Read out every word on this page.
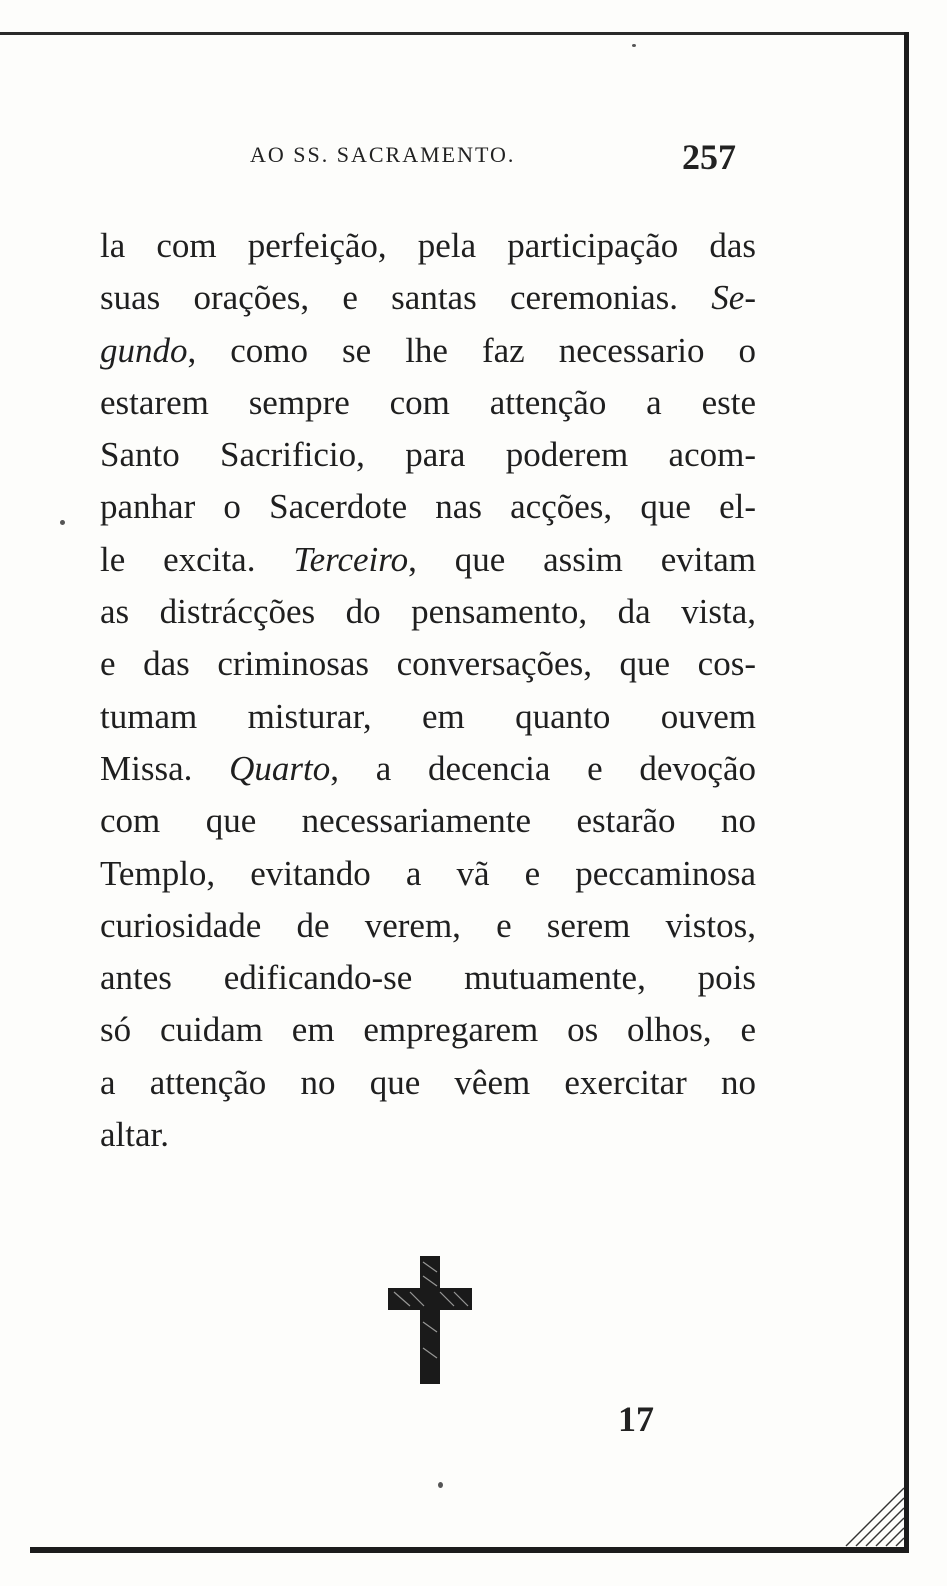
AO SS. SACRAMENTO.	257
la com perfeição, pela participação das
suas orações, e santas ceremonias. Se-
gundo, como se lhe faz necessario o
estarem sempre com attenção a este
Santo Sacrificio, para poderem acom-
panhar o Sacerdote nas acções, que el-
le excita. Terceiro, que assim evitam
as distrácções do pensamento, da vista,
e das criminosas conversações, que cos-
tumam misturar, em quanto ouvem
Missa. Quarto, a decencia e devoção
com que necessariamente estarão no
Templo, evitando a vã e peccaminosa
curiosidade de verem, e serem vistos,
antes edificando-se mutuamente, pois
só cuidam em empregarem os olhos, e
a attenção no que vêem exercitar no
altar.
17
